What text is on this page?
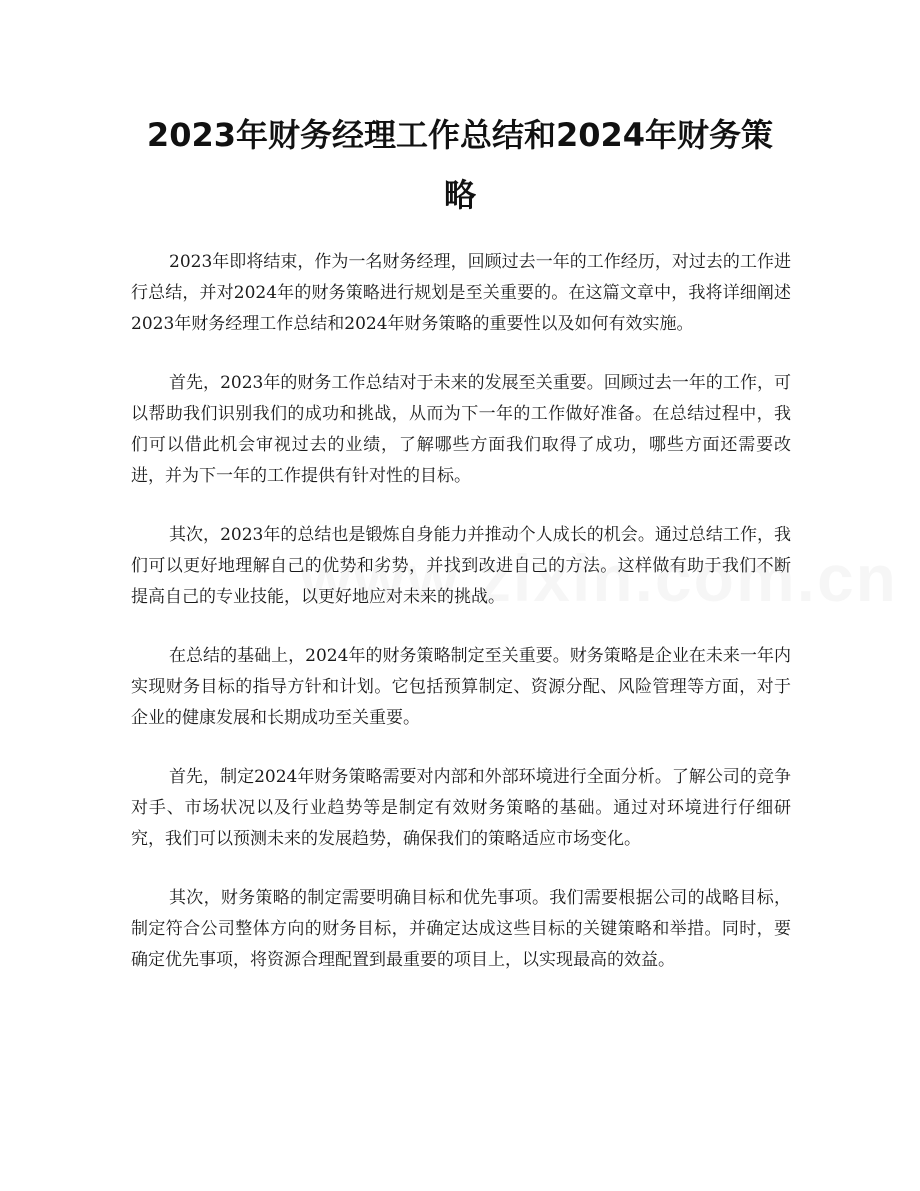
2023年财务经理工作总结和2024年财务策略

2023年即将结束，作为一名财务经理，回顾过去一年的工作经历，对过去的工作进行总结，并对2024年的财务策略进行规划是至关重要的。在这篇文章中，我将详细阐述2023年财务经理工作总结和2024年财务策略的重要性以及如何有效实施。

首先，2023年的财务工作总结对于未来的发展至关重要。回顾过去一年的工作，可以帮助我们识别我们的成功和挑战，从而为下一年的工作做好准备。在总结过程中，我们可以借此机会审视过去的业绩，了解哪些方面我们取得了成功，哪些方面还需要改进，并为下一年的工作提供有针对性的目标。

其次，2023年的总结也是锻炼自身能力并推动个人成长的机会。通过总结工作，我们可以更好地理解自己的优势和劣势，并找到改进自己的方法。这样做有助于我们不断提高自己的专业技能，以更好地应对未来的挑战。

在总结的基础上，2024年的财务策略制定至关重要。财务策略是企业在未来一年内实现财务目标的指导方针和计划。它包括预算制定、资源分配、风险管理等方面，对于企业的健康发展和长期成功至关重要。

首先，制定2024年财务策略需要对内部和外部环境进行全面分析。了解公司的竞争对手、市场状况以及行业趋势等是制定有效财务策略的基础。通过对环境进行仔细研究，我们可以预测未来的发展趋势，确保我们的策略适应市场变化。

其次，财务策略的制定需要明确目标和优先事项。我们需要根据公司的战略目标，制定符合公司整体方向的财务目标，并确定达成这些目标的关键策略和举措。同时，要确定优先事项，将资源合理配置到最重要的项目上，以实现最高的效益。
